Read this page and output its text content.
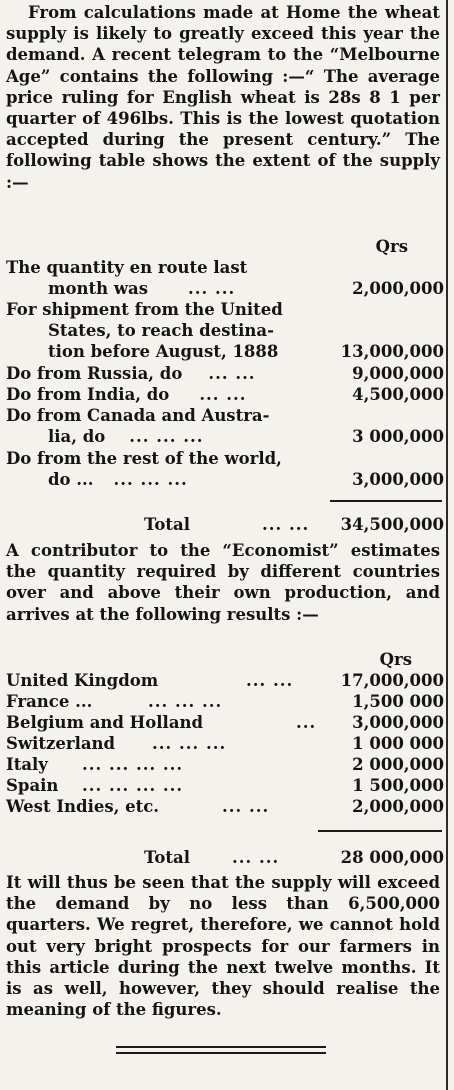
From calculations made at Home the wheat supply is likely to greatly exceed this year the demand. A recent telegram to the “Melbourne Age” contains the following :—“ The average price ruling for English wheat is 28s 8 1 per quarter of 496lbs. This is the lowest quotation accepted during the present century.” The following table shows the extent of the supply :—

Qrs
The quantity en route last
month was ... ...	2,000,000
For shipment from the United
States, to reach destina-
tion before August, 1888	13,000,000
Do from Russia, do ... ...	9,000,000
Do from India, do ... ...	4,500,000
Do from Canada and Austra-
lia, do ... ... ...	3 000,000
Do from the rest of the world,
do ... ... ... ...	3,000,000
Total	... ... 34,500,000

A contributor to the “Economist” estimates the quantity required by different countries over and above their own production, and arrives at the following results :—

Qrs
United Kingdom	... ...	17,000,000
France ...	... ... ...	1,500 000
Belgium and Holland	... 3,000,000
Switzerland	... ... ...	1 000 000
Italy	... ... ... ...	2 000,000
Spain	... ... ... ...	1 500,000
West Indies, etc.	... ...	2,000,000
Total	... ...	28 000,000

It will thus be seen that the supply will exceed the demand by no less than 6,500,000 quarters. We regret, therefore, we cannot hold out very bright prospects for our farmers in this article during the next twelve months. It is as well, however, they should realise the meaning of the figures.
